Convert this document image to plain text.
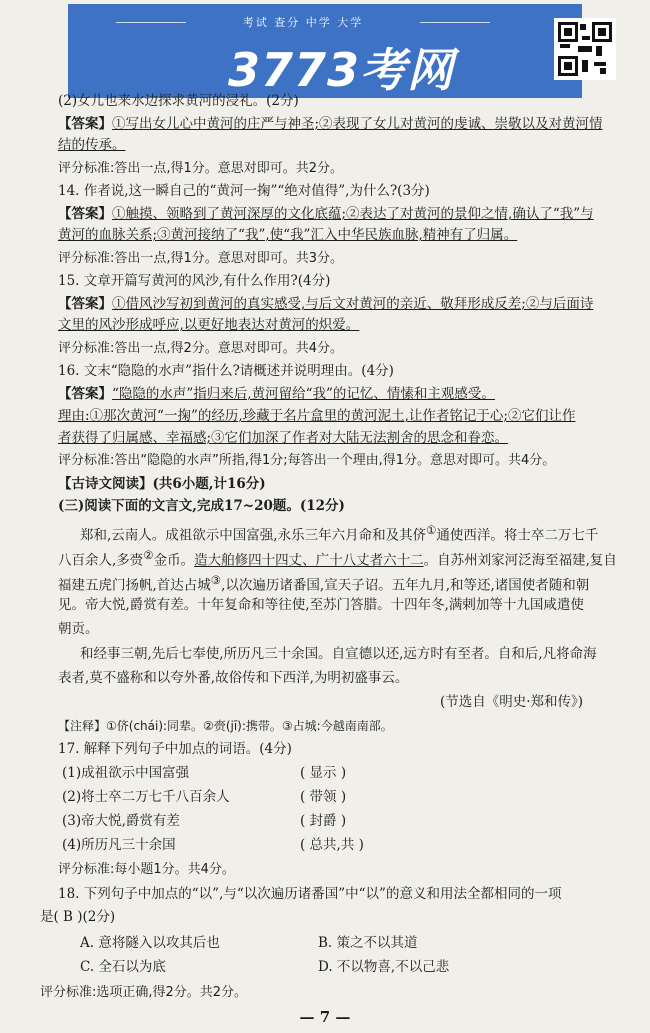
考试 查分 中学 大学
3773考网
(2)女儿也来水边探求黄河的浸礼。(2分)
【答案】①写出女儿心中黄河的庄严与神圣;②表现了女儿对黄河的虔诚、崇敬以及对黄河情
结的传承。
评分标准:答出一点,得1分。意思对即可。共2分。
14. 作者说,这一瞬自己的“黄河一掬”“绝对值得”,为什么?(3分)
【答案】①触摸、领略到了黄河深厚的文化底蕴;②表达了对黄河的景仰之情,确认了“我”与
黄河的血脉关系;③黄河接纳了“我”,使“我”汇入中华民族血脉,精神有了归属。
评分标准:答出一点,得1分。意思对即可。共3分。
15. 文章开篇写黄河的风沙,有什么作用?(4分)
【答案】①借风沙写初到黄河的真实感受,与后文对黄河的亲近、敬拜形成反差;②与后面诗
文里的风沙形成呼应,以更好地表达对黄河的炽爱。
评分标准:答出一点,得2分。意思对即可。共4分。
16. 文末“隐隐的水声”指什么?请概述并说明理由。(4分)
【答案】“隐隐的水声”指归来后,黄河留给“我”的记忆、情愫和主观感受。
理由:①那次黄河“一掬”的经历,珍藏于名片盒里的黄河泥土,让作者铭记于心;②它们让作
者获得了归属感、幸福感;③它们加深了作者对大陆无法割舍的思念和眷恋。
评分标准:答出“隐隐的水声”所指,得1分;每答出一个理由,得1分。意思对即可。共4分。
【古诗文阅读】(共6小题,计16分)
(三)阅读下面的文言文,完成17~20题。(12分)
郑和,云南人。成祖欲示中国富强,永乐三年六月命和及其侪①通使西洋。将士卒二万七千
八百余人,多赍②金币。造大舶修四十四丈、广十八丈者六十二。自苏州刘家河泛海至福建,复自
福建五虎门扬帆,首达占城③,以次遍历诸番国,宣天子诏。五年九月,和等还,诸国使者随和朝
见。帝大悦,爵赏有差。十年复命和等往使,至苏门答腊。十四年冬,满剌加等十九国咸遣使
朝贡。
和经事三朝,先后七奉使,所历凡三十余国。自宣德以还,远方时有至者。自和后,凡将命海
表者,莫不盛称和以夸外番,故俗传和下西洋,为明初盛事云。
(节选自《明史·郑和传》)
【注释】①侪(chái):同辈。②赍(jī):携带。③占城:今越南南部。
17. 解释下列句子中加点的词语。(4分)
(1)成祖欲示中国富强	( 显示 )
(2)将士卒二万七千八百余人	( 带领 )
(3)帝大悦,爵赏有差	( 封爵 )
(4)所历凡三十余国	( 总共,共 )
评分标准:每小题1分。共4分。
18. 下列句子中加点的“以”,与“以次遍历诸番国”中“以”的意义和用法全都相同的一项
是( B )(2分)
A. 意将隧入以攻其后也	B. 策之不以其道
C. 全石以为底	D. 不以物喜,不以己悲
评分标准:选项正确,得2分。共2分。
— 7 —
